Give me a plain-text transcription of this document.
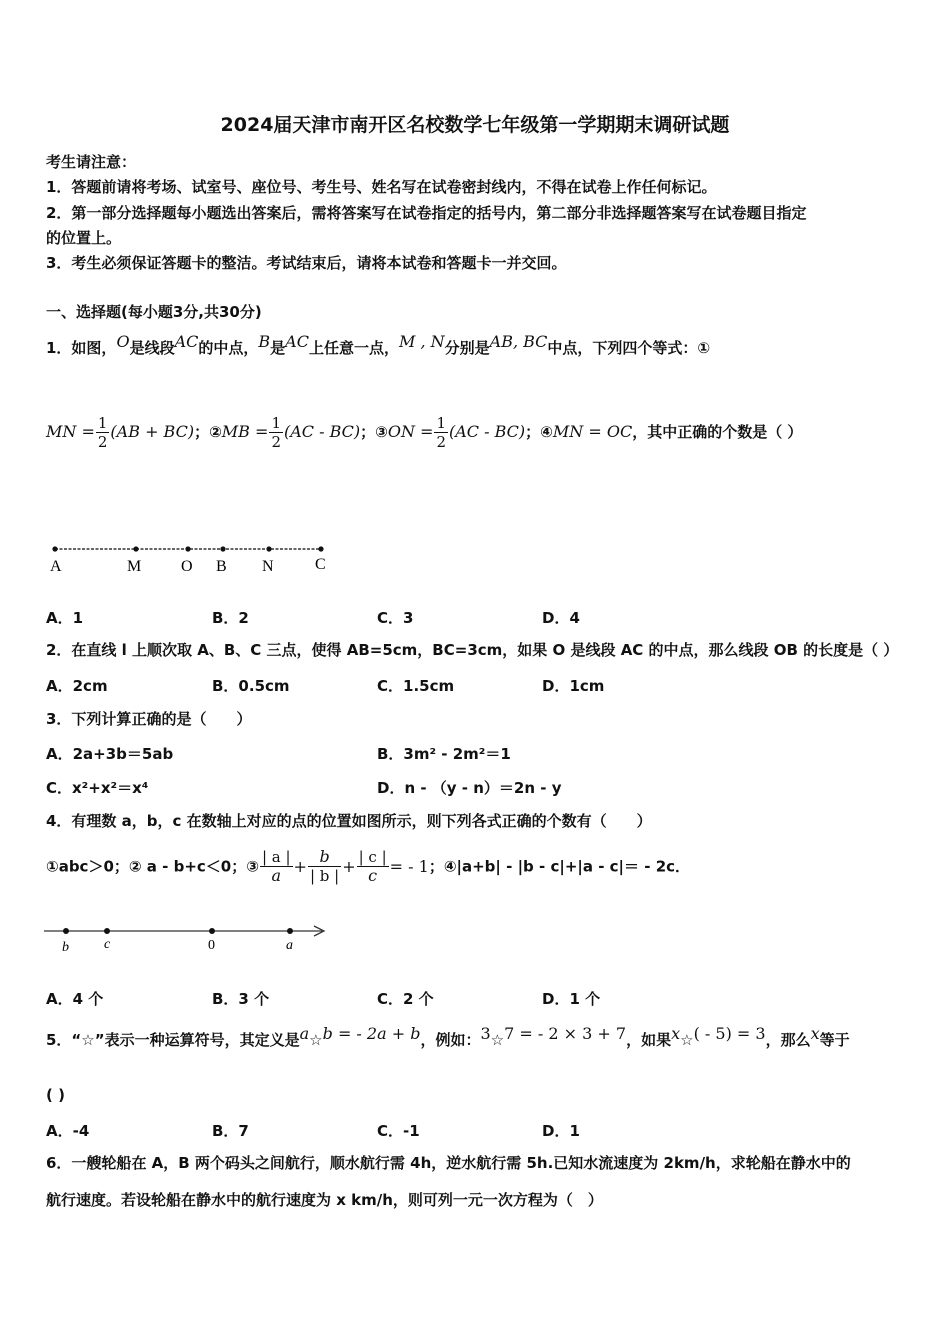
2024届天津市南开区名校数学七年级第一学期期末调研试题
考生请注意：
1．答题前请将考场、试室号、座位号、考生号、姓名写在试卷密封线内，不得在试卷上作任何标记。
2．第一部分选择题每小题选出答案后，需将答案写在试卷指定的括号内，第二部分非选择题答案写在试卷题目指定
的位置上。
3．考生必须保证答题卡的整洁。考试结束后，请将本试卷和答题卡一并交回。
一、选择题(每小题3分,共30分)
1．如图，$^O$是线段$^{AC}$的中点，$^B$是$^{AC}$上任意一点，$^{M , N}$分别是$^{AB, BC}$中点，下列四个等式：①
MN = $\frac{1}{2} (AB + BC)$；②MB = $\frac{1}{2} (AC - BC)$；③ON = $\frac{1}{2} (AC - BC)$；④MN = OC，其中正确的个数是（ ）
A	M O B N	C
A．1	B．2	C．3	D．4
2．在直线 l 上顺次取 A、B、C 三点，使得 AB=5cm，BC=3cm，如果 O 是线段 AC 的中点，那么线段 OB 的长度是（ ）
A．2cm	B．0.5cm	C．1.5cm	D．1cm
3．下列计算正确的是（　　）
A．2a+3b＝5ab	B．3m² - 2m²＝1
C．x²+x²＝x⁴	D．n - （y - n）＝2n - y
4．有理数 a，b，c 在数轴上对应的点的位置如图所示，则下列各式正确的个数有（　　）
①abc＞0；② a - b+c＜0；③ $\frac{| a |}{a} + \frac{b}{| b |} + \frac{| c |}{c}$ = - 1；④|a+b| - |b - c|+|a - c|＝ - 2c．
b	c	0	a
A．4 个	B．3 个	C．2 个	D．1 个
5．“☆”表示一种运算符号，其定义是$^a$☆$^{b = - 2a + b}$，例如：$^3$☆$^{7 = - 2 \times 3 + 7}$，如果$^x$☆$^{( - 5) = 3}$，那么$^x$等于
( )
A．-4	B．7	C．-1	D．1
6．一艘轮船在 A，B 两个码头之间航行，顺水航行需 4h，逆水航行需 5h.已知水流速度为 2km/h，求轮船在静水中的
航行速度。若设轮船在静水中的航行速度为 x km/h，则可列一元一次方程为（　）
